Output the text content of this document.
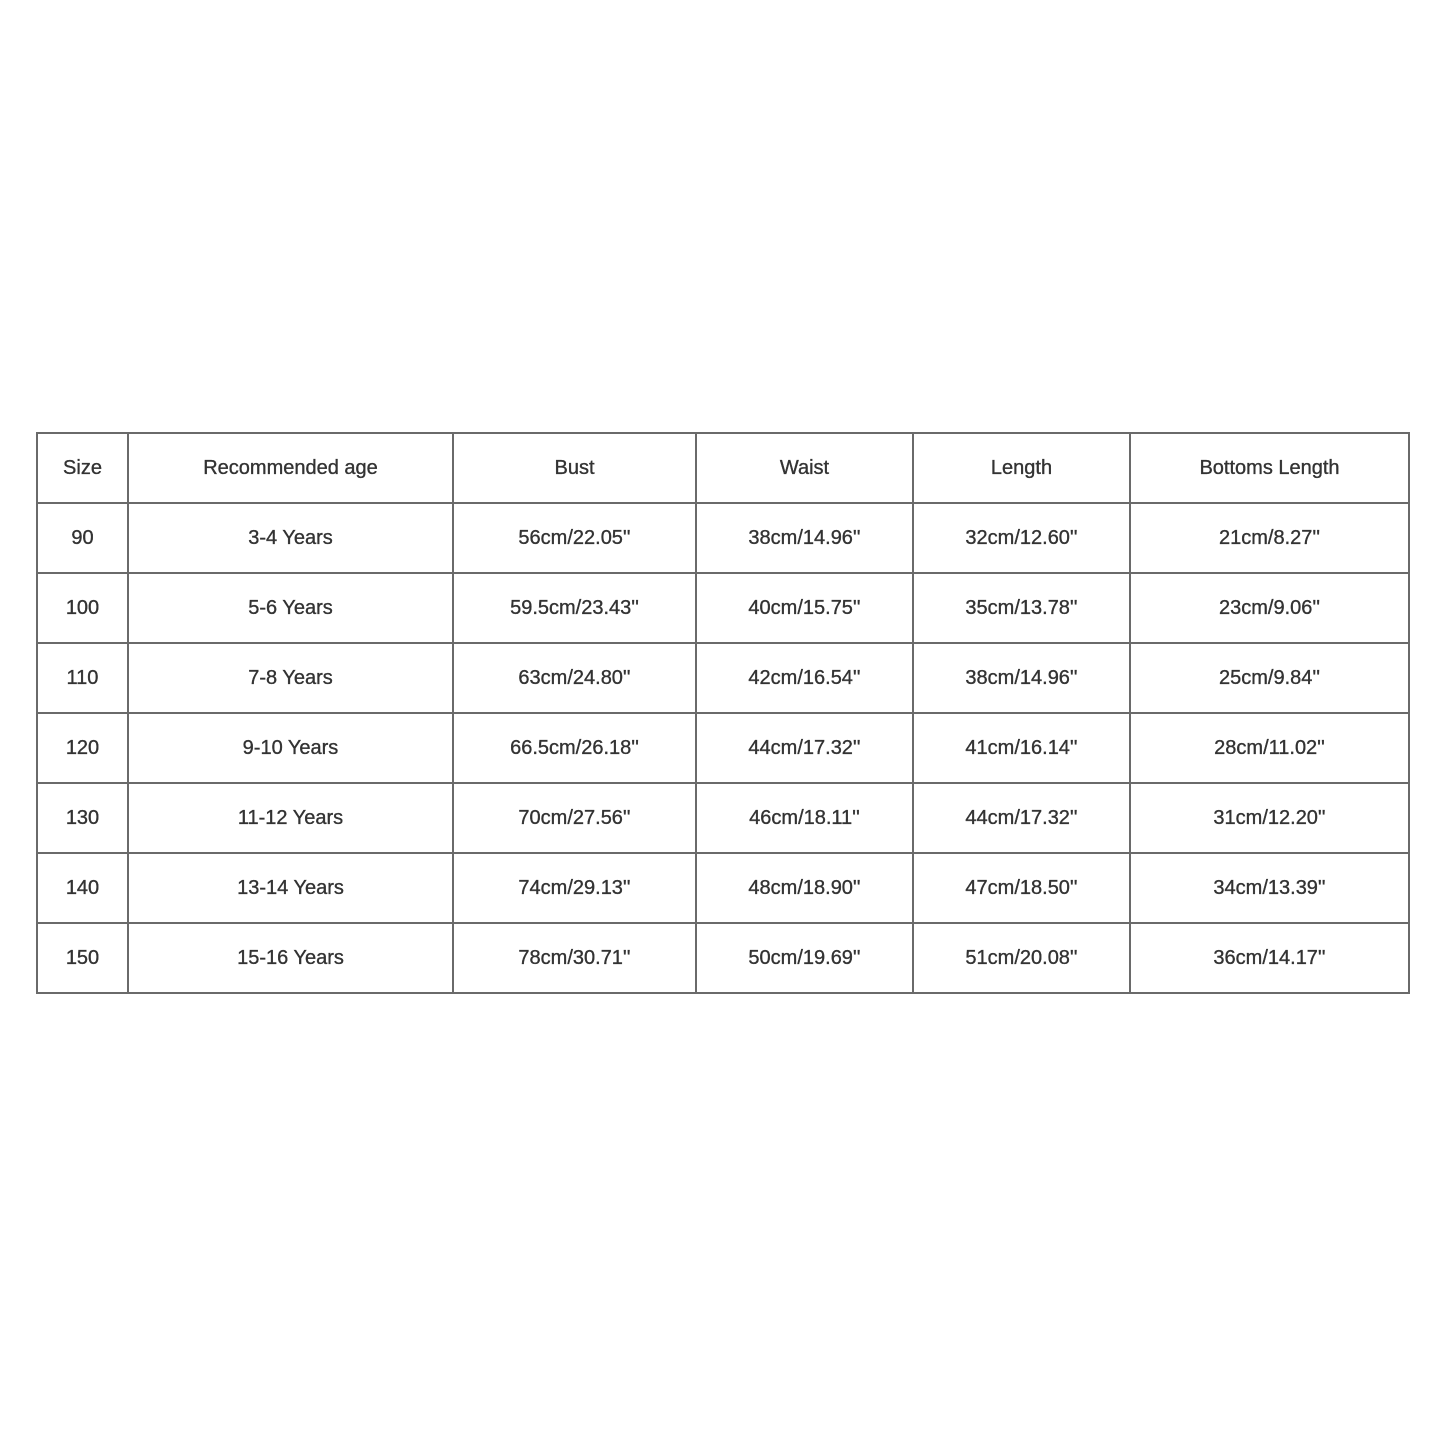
Size	Recommended age	Bust	Waist	Length	Bottoms Length
90	3-4 Years	56cm/22.05''	38cm/14.96''	32cm/12.60''	21cm/8.27''
100	5-6 Years	59.5cm/23.43''	40cm/15.75''	35cm/13.78''	23cm/9.06''
110	7-8 Years	63cm/24.80''	42cm/16.54''	38cm/14.96''	25cm/9.84''
120	9-10 Years	66.5cm/26.18''	44cm/17.32''	41cm/16.14''	28cm/11.02''
130	11-12 Years	70cm/27.56''	46cm/18.11''	44cm/17.32''	31cm/12.20''
140	13-14 Years	74cm/29.13''	48cm/18.90''	47cm/18.50''	34cm/13.39''
150	15-16 Years	78cm/30.71''	50cm/19.69''	51cm/20.08''	36cm/14.17''
